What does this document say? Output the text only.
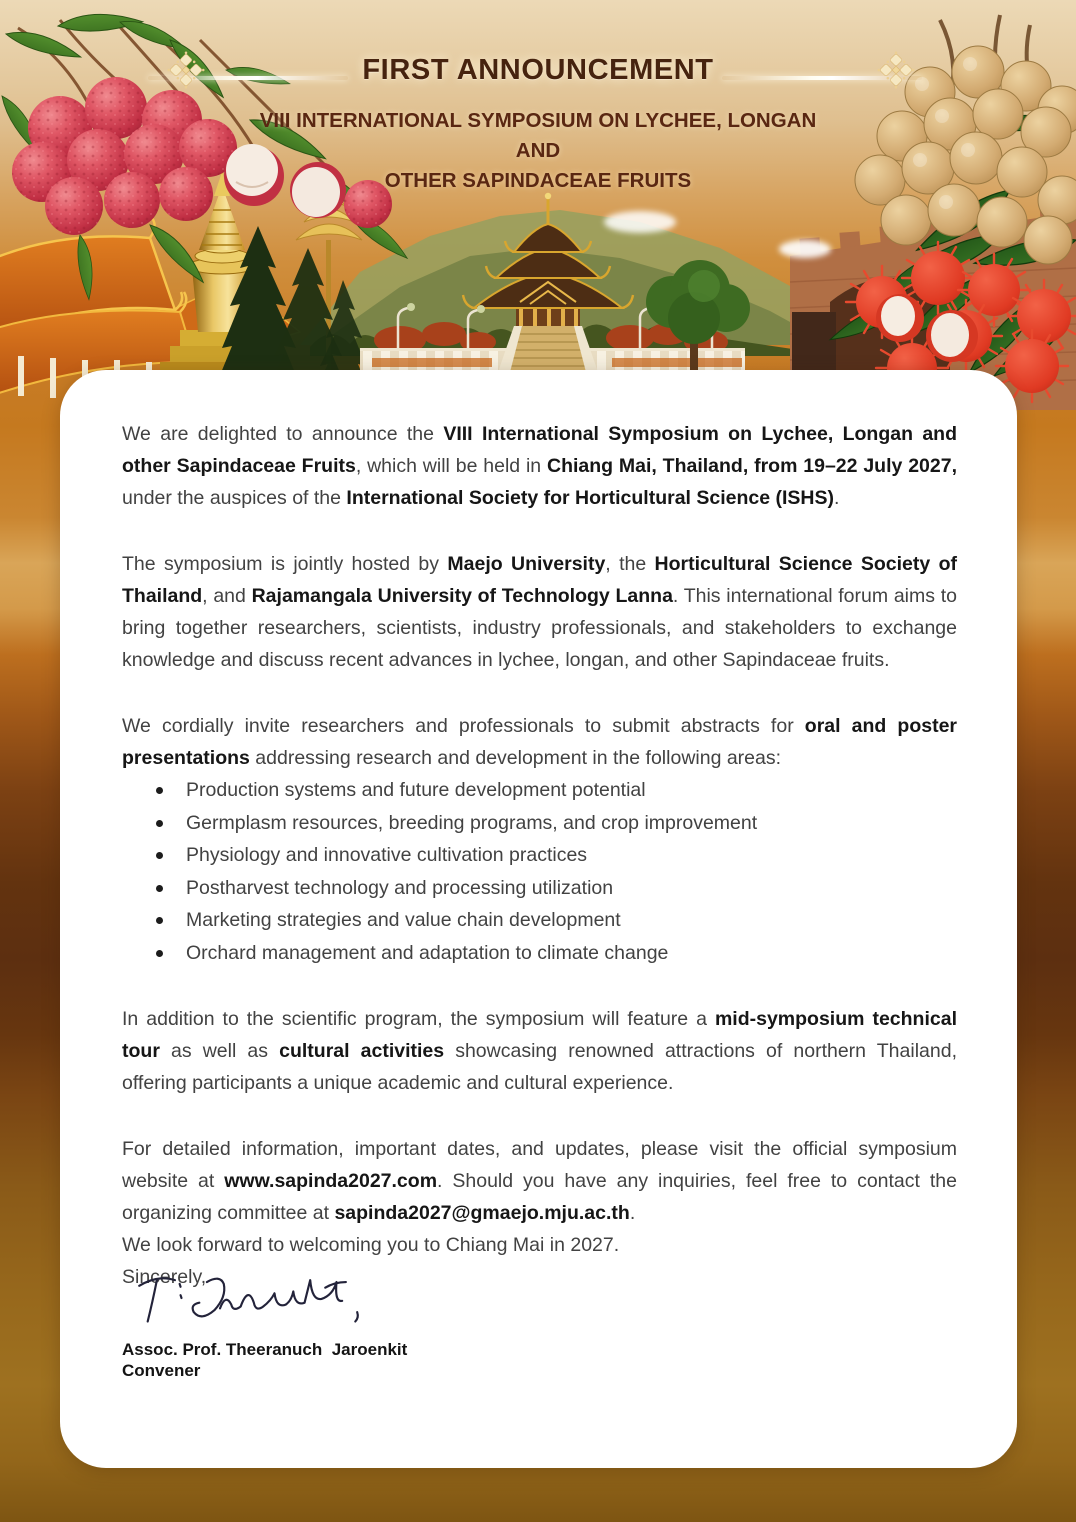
FIRST ANNOUNCEMENT
VIII INTERNATIONAL SYMPOSIUM ON LYCHEE, LONGAN
AND
OTHER SAPINDACEAE FRUITS

We are delighted to announce the VIII International Symposium on Lychee, Longan and other Sapindaceae Fruits, which will be held in Chiang Mai, Thailand, from 19–22 July 2027, under the auspices of the International Society for Horticultural Science (ISHS).

The symposium is jointly hosted by Maejo University, the Horticultural Science Society of Thailand, and Rajamangala University of Technology Lanna. This international forum aims to bring together researchers, scientists, industry professionals, and stakeholders to exchange knowledge and discuss recent advances in lychee, longan, and other Sapindaceae fruits.

We cordially invite researchers and professionals to submit abstracts for oral and poster presentations addressing research and development in the following areas:

Production systems and future development potential
Germplasm resources, breeding programs, and crop improvement
Physiology and innovative cultivation practices
Postharvest technology and processing utilization
Marketing strategies and value chain development
Orchard management and adaptation to climate change

In addition to the scientific program, the symposium will feature a mid-symposium technical tour as well as cultural activities showcasing renowned attractions of northern Thailand, offering participants a unique academic and cultural experience.

For detailed information, important dates, and updates, please visit the official symposium website at www.sapinda2027.com. Should you have any inquiries, feel free to contact the organizing committee at sapinda2027@gmaejo.mju.ac.th.

We look forward to welcoming you to Chiang Mai in 2027.

Sincerely,

Assoc. Prof. Theeranuch  Jaroenkit
Convener
